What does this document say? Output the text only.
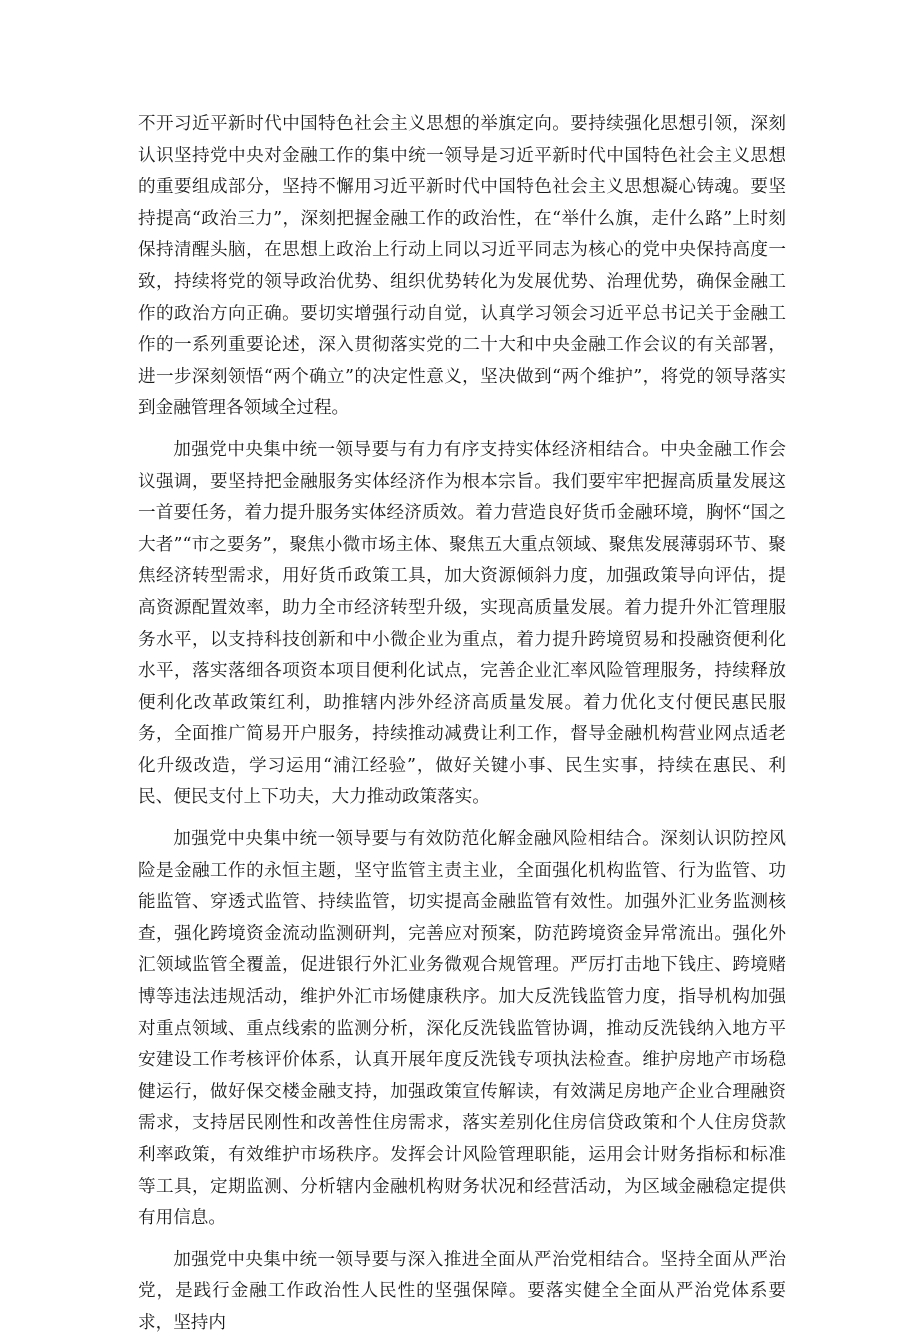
不开习近平新时代中国特色社会主义思想的举旗定向。要持续强化思想引领，深刻认识坚持党中央对金融工作的集中统一领导是习近平新时代中国特色社会主义思想的重要组成部分，坚持不懈用习近平新时代中国特色社会主义思想凝心铸魂。要坚持提高“政治三力”，深刻把握金融工作的政治性，在“举什么旗，走什么路”上时刻保持清醒头脑，在思想上政治上行动上同以习近平同志为核心的党中央保持高度一致，持续将党的领导政治优势、组织优势转化为发展优势、治理优势，确保金融工作的政治方向正确。要切实增强行动自觉，认真学习领会习近平总书记关于金融工作的一系列重要论述，深入贯彻落实党的二十大和中央金融工作会议的有关部署，进一步深刻领悟“两个确立”的决定性意义，坚决做到“两个维护”，将党的领导落实到金融管理各领域全过程。

加强党中央集中统一领导要与有力有序支持实体经济相结合。中央金融工作会议强调，要坚持把金融服务实体经济作为根本宗旨。我们要牢牢把握高质量发展这一首要任务，着力提升服务实体经济质效。着力营造良好货币金融环境，胸怀“国之大者”“市之要务”，聚焦小微市场主体、聚焦五大重点领域、聚焦发展薄弱环节、聚焦经济转型需求，用好货币政策工具，加大资源倾斜力度，加强政策导向评估，提高资源配置效率，助力全市经济转型升级，实现高质量发展。着力提升外汇管理服务水平，以支持科技创新和中小微企业为重点，着力提升跨境贸易和投融资便利化水平，落实落细各项资本项目便利化试点，完善企业汇率风险管理服务，持续释放便利化改革政策红利，助推辖内涉外经济高质量发展。着力优化支付便民惠民服务，全面推广简易开户服务，持续推动减费让利工作，督导金融机构营业网点适老化升级改造，学习运用“浦江经验”，做好关键小事、民生实事，持续在惠民、利民、便民支付上下功夫，大力推动政策落实。

加强党中央集中统一领导要与有效防范化解金融风险相结合。深刻认识防控风险是金融工作的永恒主题，坚守监管主责主业，全面强化机构监管、行为监管、功能监管、穿透式监管、持续监管，切实提高金融监管有效性。加强外汇业务监测核查，强化跨境资金流动监测研判，完善应对预案，防范跨境资金异常流出。强化外汇领域监管全覆盖，促进银行外汇业务微观合规管理。严厉打击地下钱庄、跨境赌博等违法违规活动，维护外汇市场健康秩序。加大反洗钱监管力度，指导机构加强对重点领域、重点线索的监测分析，深化反洗钱监管协调，推动反洗钱纳入地方平安建设工作考核评价体系，认真开展年度反洗钱专项执法检查。维护房地产市场稳健运行，做好保交楼金融支持，加强政策宣传解读，有效满足房地产企业合理融资需求，支持居民刚性和改善性住房需求，落实差别化住房信贷政策和个人住房贷款利率政策，有效维护市场秩序。发挥会计风险管理职能，运用会计财务指标和标准等工具，定期监测、分析辖内金融机构财务状况和经营活动，为区域金融稳定提供有用信息。

加强党中央集中统一领导要与深入推进全面从严治党相结合。坚持全面从严治党，是践行金融工作政治性人民性的坚强保障。要落实健全全面从严治党体系要求，坚持内
